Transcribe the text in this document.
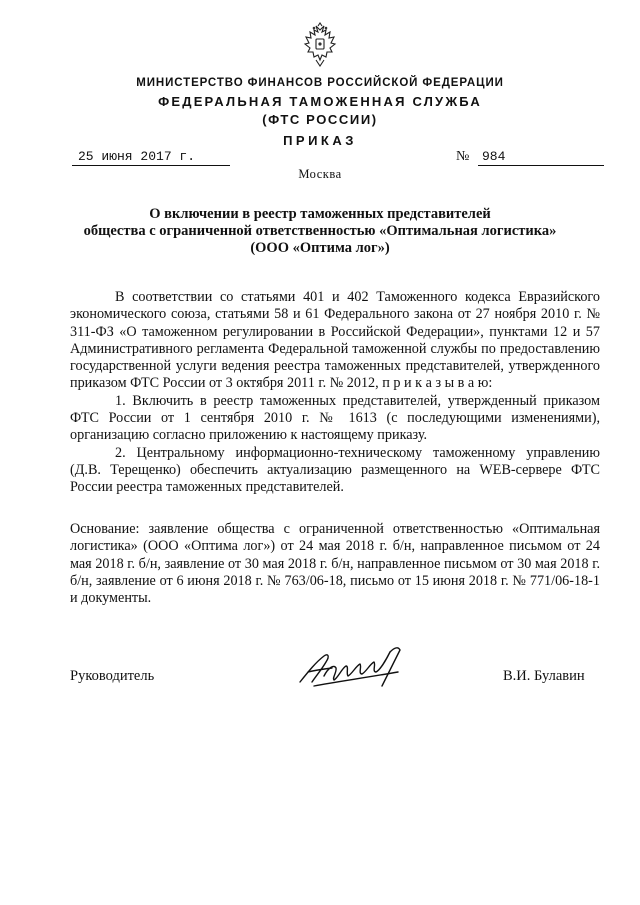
МИНИСТЕРСТВО ФИНАНСОВ РОССИЙСКОЙ ФЕДЕРАЦИИ
ФЕДЕРАЛЬНАЯ ТАМОЖЕННАЯ СЛУЖБА
(ФТС РОССИИ)
ПРИКАЗ
25 июня 2017 г.	№ 984
Москва
О включении в реестр таможенных представителей
общества с ограниченной ответственностью «Оптимальная логистика»
(ООО «Оптима лог»)

В соответствии со статьями 401 и 402 Таможенного кодекса Евразийского экономического союза, статьями 58 и 61 Федерального закона от 27 ноября 2010 г. № 311-ФЗ «О таможенном регулировании в Российской Федерации», пунктами 12 и 57 Административного регламента Федеральной таможенной службы по предоставлению государственной услуги ведения реестра таможенных представителей, утвержденного приказом ФТС России от 3 октября 2011 г. № 2012, п р и к а з ы в а ю:

1. Включить в реестр таможенных представителей, утвержденный приказом ФТС России от 1 сентября 2010 г. № 1613 (с последующими изменениями), организацию согласно приложению к настоящему приказу.

2. Центральному информационно-техническому таможенному управлению (Д.В. Терещенко) обеспечить актуализацию размещенного на WEB-сервере ФТС России реестра таможенных представителей.

Основание: заявление общества с ограниченной ответственностью «Оптимальная логистика» (ООО «Оптима лог») от 24 мая 2018 г. б/н, направленное письмом от 24 мая 2018 г. б/н, заявление от 30 мая 2018 г. б/н, направленное письмом от 30 мая 2018 г. б/н, заявление от 6 июня 2018 г. № 763/06-18, письмо от 15 июня 2018 г. № 771/06-18-1 и документы.

Руководитель	В.И. Булавин
